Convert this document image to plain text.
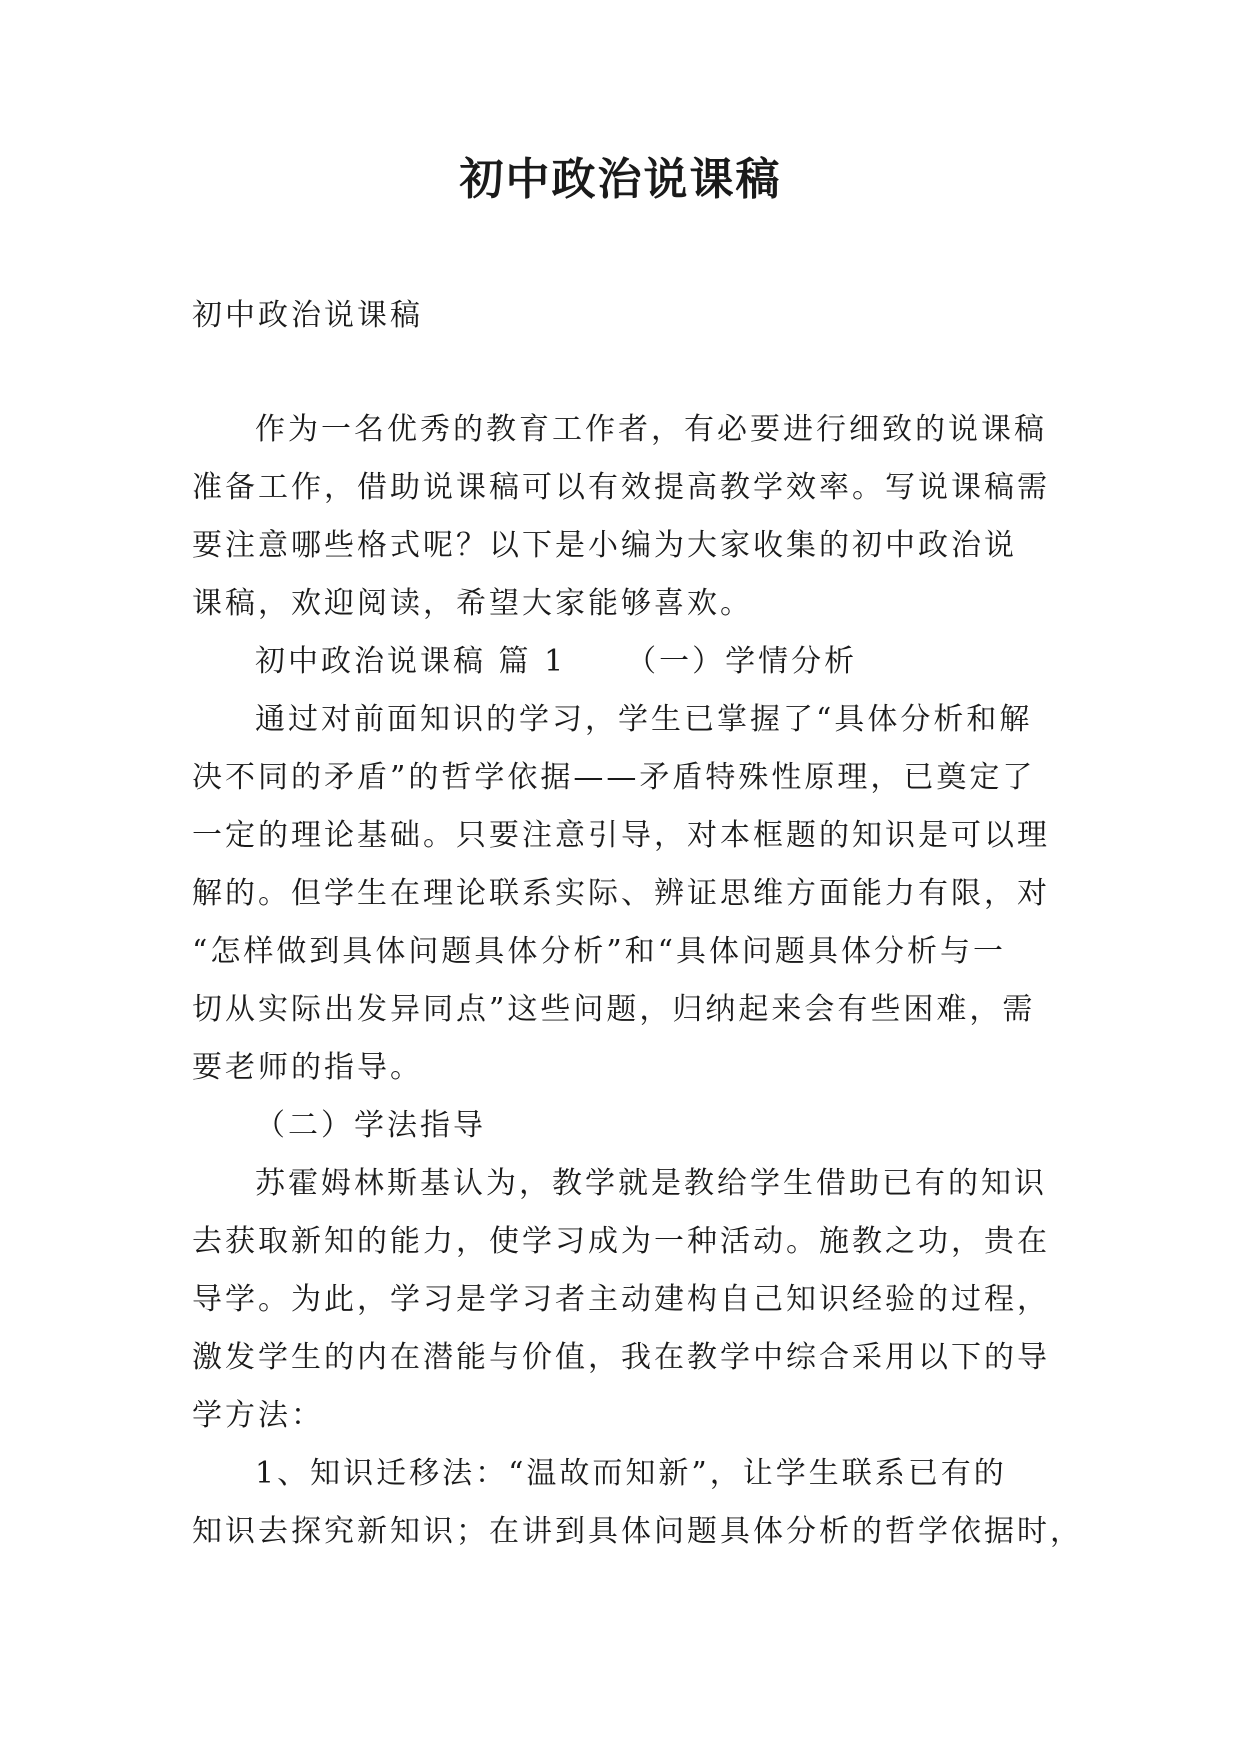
初中政治说课稿

初中政治说课稿

作为一名优秀的教育工作者，有必要进行细致的说课稿

准备工作，借助说课稿可以有效提高教学效率。写说课稿需

要注意哪些格式呢？以下是小编为大家收集的初中政治说

课稿，欢迎阅读，希望大家能够喜欢。

初中政治说课稿 篇 1 （一）学情分析

通过对前面知识的学习，学生已掌握了“具体分析和解

决不同的矛盾”的哲学依据——矛盾特殊性原理，已奠定了

一定的理论基础。只要注意引导，对本框题的知识是可以理

解的。但学生在理论联系实际、辨证思维方面能力有限，对

“怎样做到具体问题具体分析”和“具体问题具体分析与一

切从实际出发异同点”这些问题，归纳起来会有些困难，需

要老师的指导。

（二）学法指导

苏霍姆林斯基认为，教学就是教给学生借助已有的知识

去获取新知的能力，使学习成为一种活动。施教之功，贵在

导学。为此，学习是学习者主动建构自己知识经验的过程，

激发学生的内在潜能与价值，我在教学中综合采用以下的导

学方法：

1、知识迁移法：“温故而知新”，让学生联系已有的

知识去探究新知识；在讲到具体问题具体分析的哲学依据时，
